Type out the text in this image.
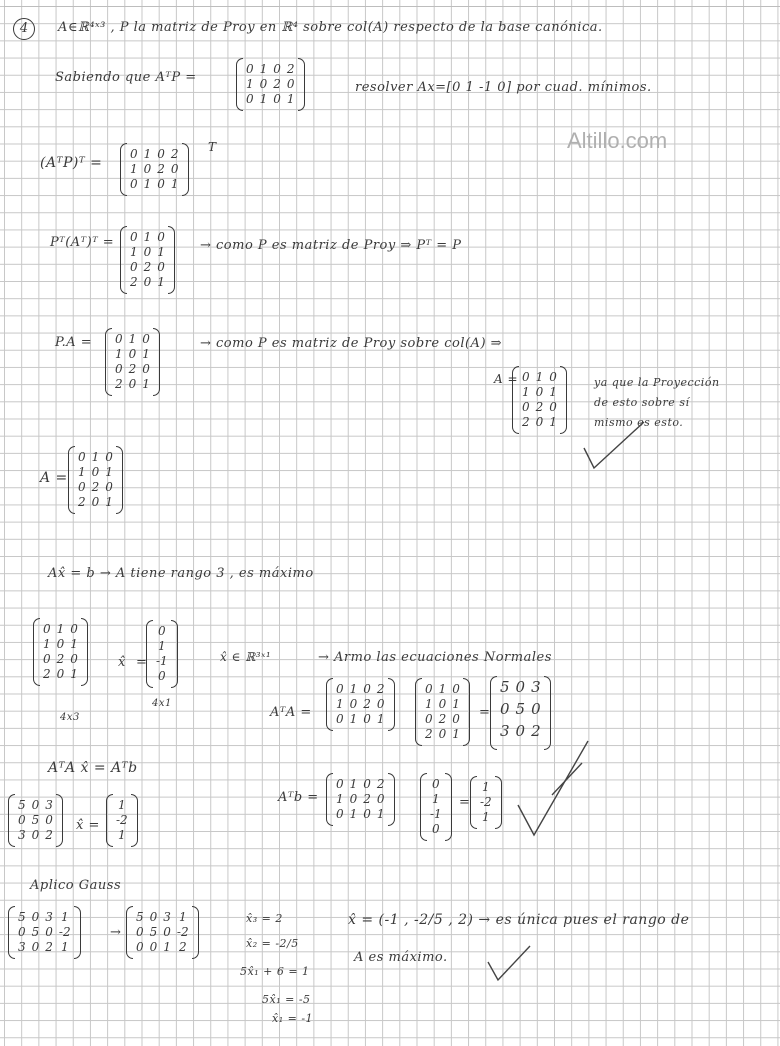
Altillo.com
4	A∈ℝ⁴ˣ³ , P la matriz de Proy en ℝ⁴ sobre col(A) respecto de la base canónica.
Sabiendo que AᵀP =
0 1 0 2
1 0 2 0
0 1 0 1
resolver Ax=[0 1 -1 0] por cuad. mínimos.
(AᵀP)ᵀ =
0 1 0 2
1 0 2 0
0 1 0 1
T
Pᵀ(Aᵀ)ᵀ = 0 1 0
1 0 1
0 2 0
2 0 1
→ como P es matriz de Proy ⇒ Pᵀ = P
P.A = 0 1 0
1 0 1
0 2 0
2 0 1
→ como P es matriz de Proy sobre col(A) ⇒
A = 0 1 0
1 0 1
0 2 0
2 0 1
ya que la Proyección
de esto sobre sí
mismo es esto.
A =
0 1 0
1 0 1
0 2 0
2 0 1
Ax̂ = b → A tiene rango 3 , es máximo
0 1 0
1 0 1
0 2 0
2 0 1
4x3
x̂ =
0
1
-1
0
4x1
x̂ ∈ ℝ³ˣ¹	→ Armo las ecuaciones Normales
AᵀA =
0 1 0 2
1 0 2 0
0 1 0 1
0 1 0
1 0 1
0 2 0
2 0 1
=
5 0 3
0 5 0
3 0 2
AᵀA x̂ = Aᵀb
Aᵀb =
0 1 0 2
1 0 2 0
0 1 0 1
0
1
-1
0
=
1
-2
1
5 0 3
0 5 0
3 0 2
x̂ =
1
-2
1
Aplico Gauss
5 0 3 1
0 5 0 -2
3 0 2 1
→
5 0 3 1
0 5 0 -2
0 0 1 2
x̂₃ = 2
x̂₂ = -2/5
5x̂₁ + 6 = 1
5x̂₁ = -5
x̂₁ = -1
x̂ = (-1 , -2/5 , 2) → es única pues el rango de
A es máximo.
